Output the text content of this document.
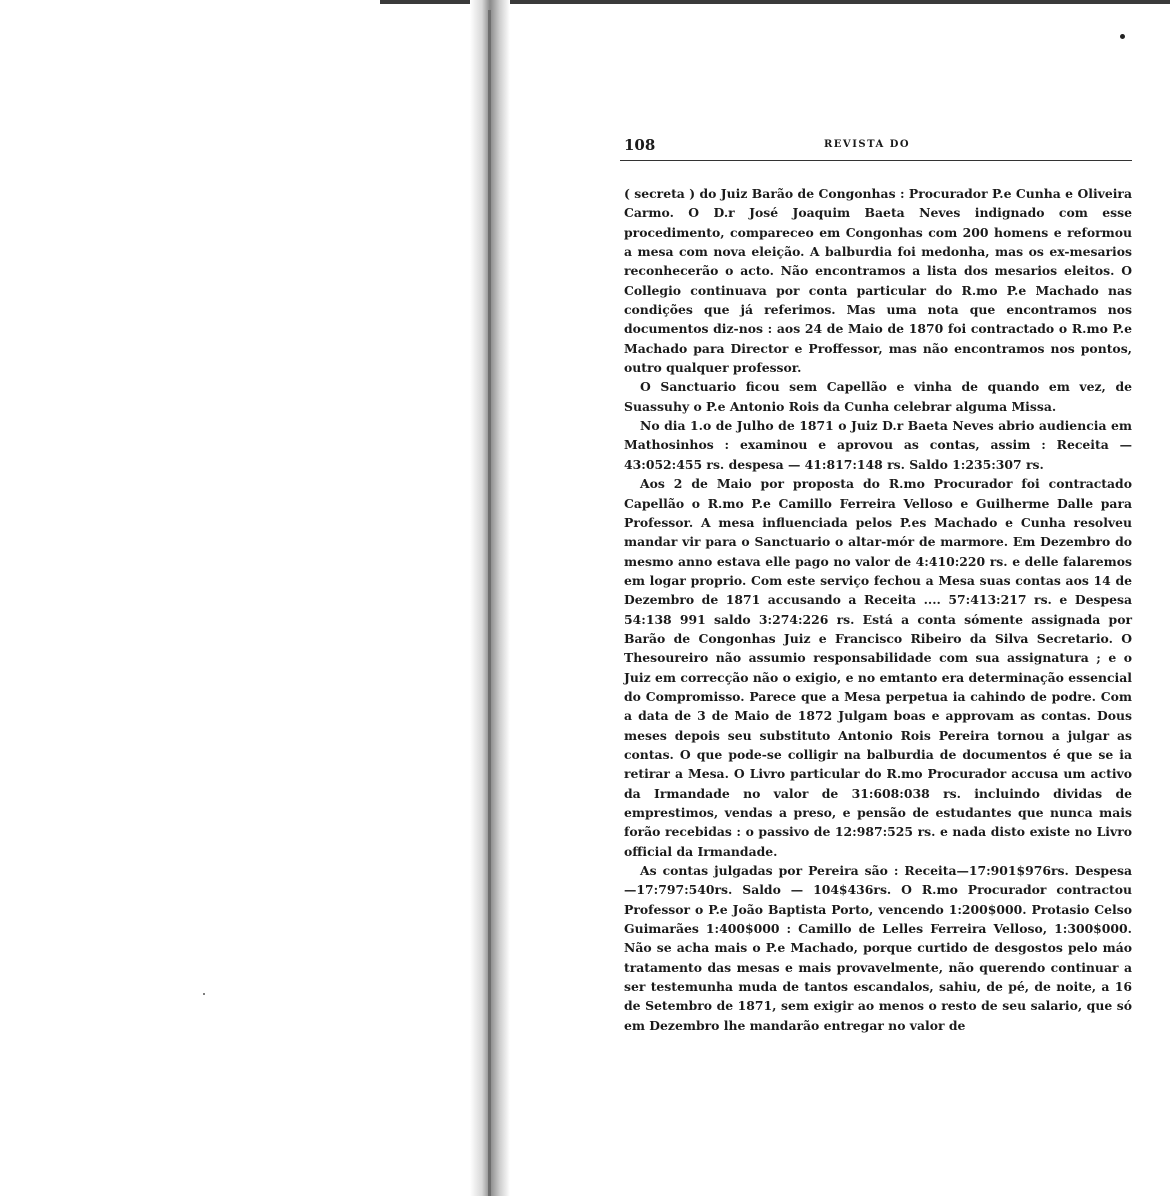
108	REVISTA DO

( secreta ) do Juiz Barão de Congonhas : Procurador P.e Cunha e Oliveira Carmo. O D.r José Joaquim Baeta Neves indignado com esse procedimento, compareceo em Congonhas com 200 homens e reformou a mesa com nova eleição. A balburdia foi medonha, mas os ex-mesarios reconhecerão o acto. Não encontramos a lista dos mesarios eleitos. O Collegio continuava por conta particular do R.mo P.e Machado nas condições que já referimos. Mas uma nota que encontramos nos documentos diz-nos : aos 24 de Maio de 1870 foi contractado o R.mo P.e Machado para Director e Proffessor, mas não encontramos nos pontos, outro qualquer professor.

O Sanctuario ficou sem Capellão e vinha de quando em vez, de Suassuhy o P.e Antonio Rois da Cunha celebrar alguma Missa.

No dia 1.o de Julho de 1871 o Juiz D.r Baeta Neves abrio audiencia em Mathosinhos : examinou e aprovou as contas, assim : Receita — 43:052:455 rs. despesa — 41:817:148 rs. Saldo 1:235:307 rs.

Aos 2 de Maio por proposta do R.mo Procurador foi contractado Capellão o R.mo P.e Camillo Ferreira Velloso e Guilherme Dalle para Professor. A mesa influenciada pelos P.es Machado e Cunha resolveu mandar vir para o Sanctuario o altar-mór de marmore. Em Dezembro do mesmo anno estava elle pago no valor de 4:410:220 rs. e delle falaremos em logar proprio. Com este serviço fechou a Mesa suas contas aos 14 de Dezembro de 1871 accusando a Receita .... 57:413:217 rs. e Despesa 54:138 991 saldo 3:274:226 rs. Está a conta sómente assignada por Barão de Congonhas Juiz e Francisco Ribeiro da Silva Secretario. O Thesoureiro não assumio responsabilidade com sua assignatura ; e o Juiz em correcção não o exigio, e no emtanto era determinação essencial do Compromisso. Parece que a Mesa perpetua ia cahindo de podre. Com a data de 3 de Maio de 1872 Julgam boas e approvam as contas. Dous meses depois seu substituto Antonio Rois Pereira tornou a julgar as contas. O que pode-se colligir na balburdia de documentos é que se ia retirar a Mesa. O Livro particular do R.mo Procurador accusa um activo da Irmandade no valor de 31:608:038 rs. incluindo dividas de emprestimos, vendas a preso, e pensão de estudantes que nunca mais forão recebidas : o passivo de 12:987:525 rs. e nada disto existe no Livro official da Irmandade.

As contas julgadas por Pereira são : Receita—17:901$976rs. Despesa —17:797:540rs. Saldo — 104$436rs. O R.mo Procurador contractou Professor o P.e João Baptista Porto, vencendo 1:200$000. Protasio Celso Guimarães 1:400$000 : Camillo de Lelles Ferreira Velloso, 1:300$000. Não se acha mais o P.e Machado, porque curtido de desgostos pelo máo tratamento das mesas e mais provavelmente, não querendo continuar a ser testemunha muda de tantos escandalos, sahiu, de pé, de noite, a 16 de Setembro de 1871, sem exigir ao menos o resto de seu salario, que só em Dezembro lhe mandarão entregar no valor de
